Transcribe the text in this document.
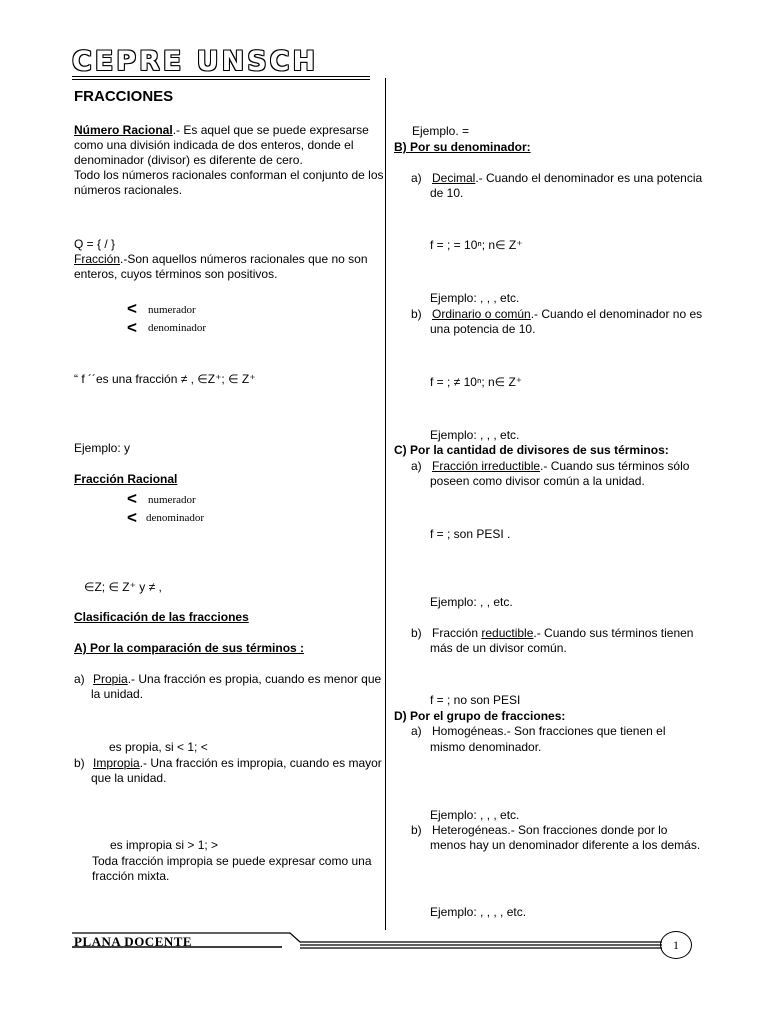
CEPRE UNSCH
FRACCIONES
Número Racional.- Es aquel que se puede expresarse
como una división indicada de dos enteros, donde el
denominador (divisor) es diferente de cero.
Todo los números racionales conforman el conjunto de los
números racionales.
Q = { / }
Fracción.-Son aquellos números racionales que no son
enteros, cuyos términos son positivos.
< numerador
< denominador
“ f ´´es una fracción ≠ , ∈Z⁺; ∈ Z⁺
Ejemplo: y
Fracción Racional
< numerador
< denominador
∈Z; ∈ Z⁺ y ≠ ,
Clasificación de las fracciones
A) Por la comparación de sus términos :
a) Propia.- Una fracción es propia, cuando es menor que
la unidad.
es propia, si < 1; <
b) Impropia.- Una fracción es impropia, cuando es mayor
que la unidad.
es impropia si > 1; >
Toda fracción impropia se puede expresar como una
fracción mixta.
Ejemplo. =
B) Por su denominador:
a) Decimal.- Cuando el denominador es una potencia
de 10.
f = ; = 10ⁿ; n∈ Z⁺
Ejemplo: , , , etc.
b) Ordinario o común.- Cuando el denominador no es
una potencia de 10.
f = ; ≠ 10ⁿ; n∈ Z⁺
Ejemplo: , , , etc.
C) Por la cantidad de divisores de sus términos:
a) Fracción irreductible.- Cuando sus términos sólo
poseen como divisor común a la unidad.
f = ; son PESI .
Ejemplo: , , etc.
b) Fracción reductible.- Cuando sus términos tienen
más de un divisor común.
f = ; no son PESI
D) Por el grupo de fracciones:
a) Homogéneas.- Son fracciones que tienen el
mismo denominador.
Ejemplo: , , , etc.
b) Heterogéneas.- Son fracciones donde por lo
menos hay un denominador diferente a los demás.
Ejemplo: , , , , etc.
PLANA DOCENTE	1
